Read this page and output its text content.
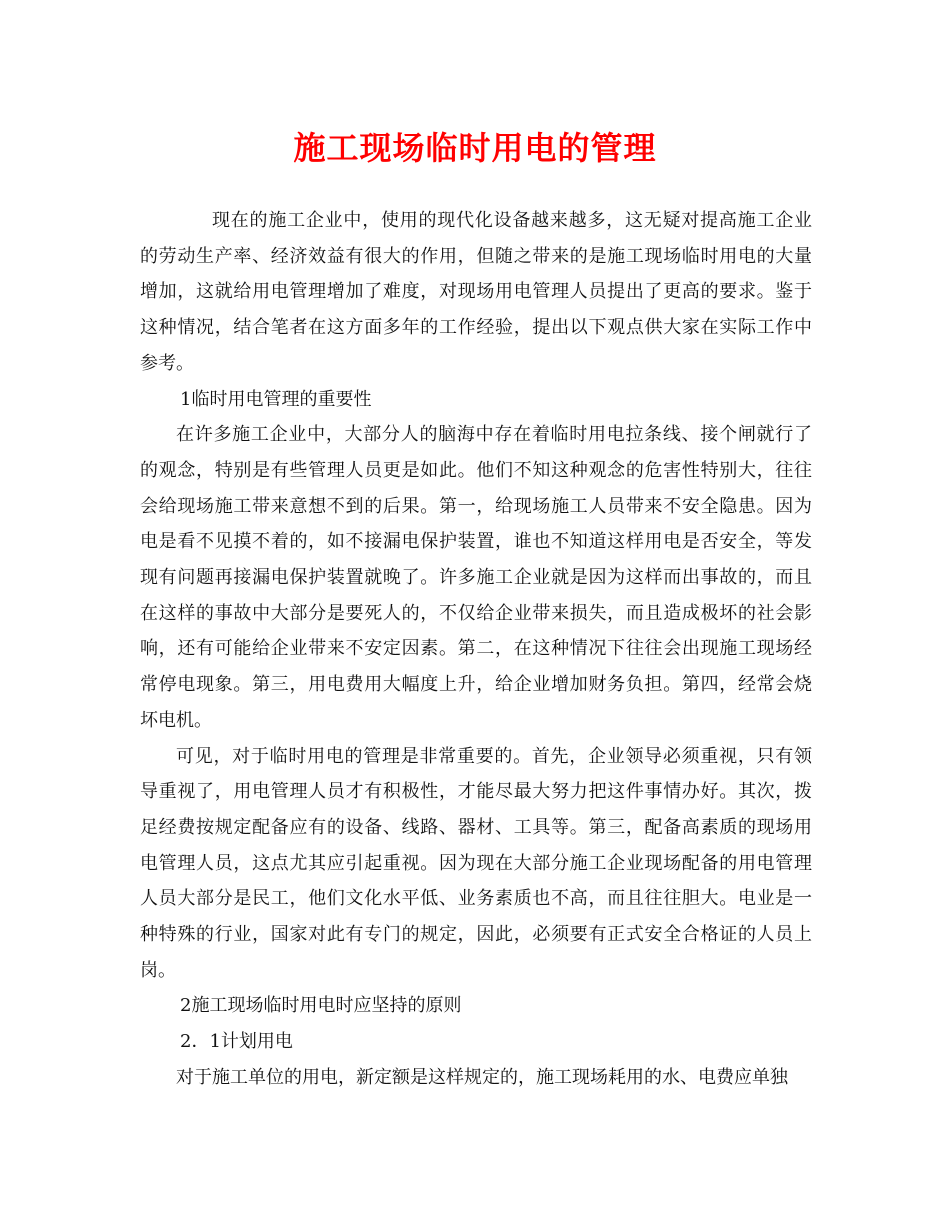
施工现场临时用电的管理
现在的施工企业中，使用的现代化设备越来越多，这无疑对提高施工企业
的劳动生产率、经济效益有很大的作用，但随之带来的是施工现场临时用电的大量
增加，这就给用电管理增加了难度，对现场用电管理人员提出了更高的要求。鉴于
这种情况，结合笔者在这方面多年的工作经验，提出以下观点供大家在实际工作中
参考。
1临时用电管理的重要性
在许多施工企业中，大部分人的脑海中存在着临时用电拉条线、接个闸就行了
的观念，特别是有些管理人员更是如此。他们不知这种观念的危害性特别大，往往
会给现场施工带来意想不到的后果。第一，给现场施工人员带来不安全隐患。因为
电是看不见摸不着的，如不接漏电保护装置，谁也不知道这样用电是否安全，等发
现有问题再接漏电保护装置就晚了。许多施工企业就是因为这样而出事故的，而且
在这样的事故中大部分是要死人的，不仅给企业带来损失，而且造成极坏的社会影
响，还有可能给企业带来不安定因素。第二，在这种情况下往往会出现施工现场经
常停电现象。第三，用电费用大幅度上升，给企业增加财务负担。第四，经常会烧
坏电机。
可见，对于临时用电的管理是非常重要的。首先，企业领导必须重视，只有领
导重视了，用电管理人员才有积极性，才能尽最大努力把这件事情办好。其次，拨
足经费按规定配备应有的设备、线路、器材、工具等。第三，配备高素质的现场用
电管理人员，这点尤其应引起重视。因为现在大部分施工企业现场配备的用电管理
人员大部分是民工，他们文化水平低、业务素质也不高，而且往往胆大。电业是一
种特殊的行业，国家对此有专门的规定，因此，必须要有正式安全合格证的人员上
岗。
2施工现场临时用电时应坚持的原则
2．1计划用电
对于施工单位的用电，新定额是这样规定的，施工现场耗用的水、电费应单独
